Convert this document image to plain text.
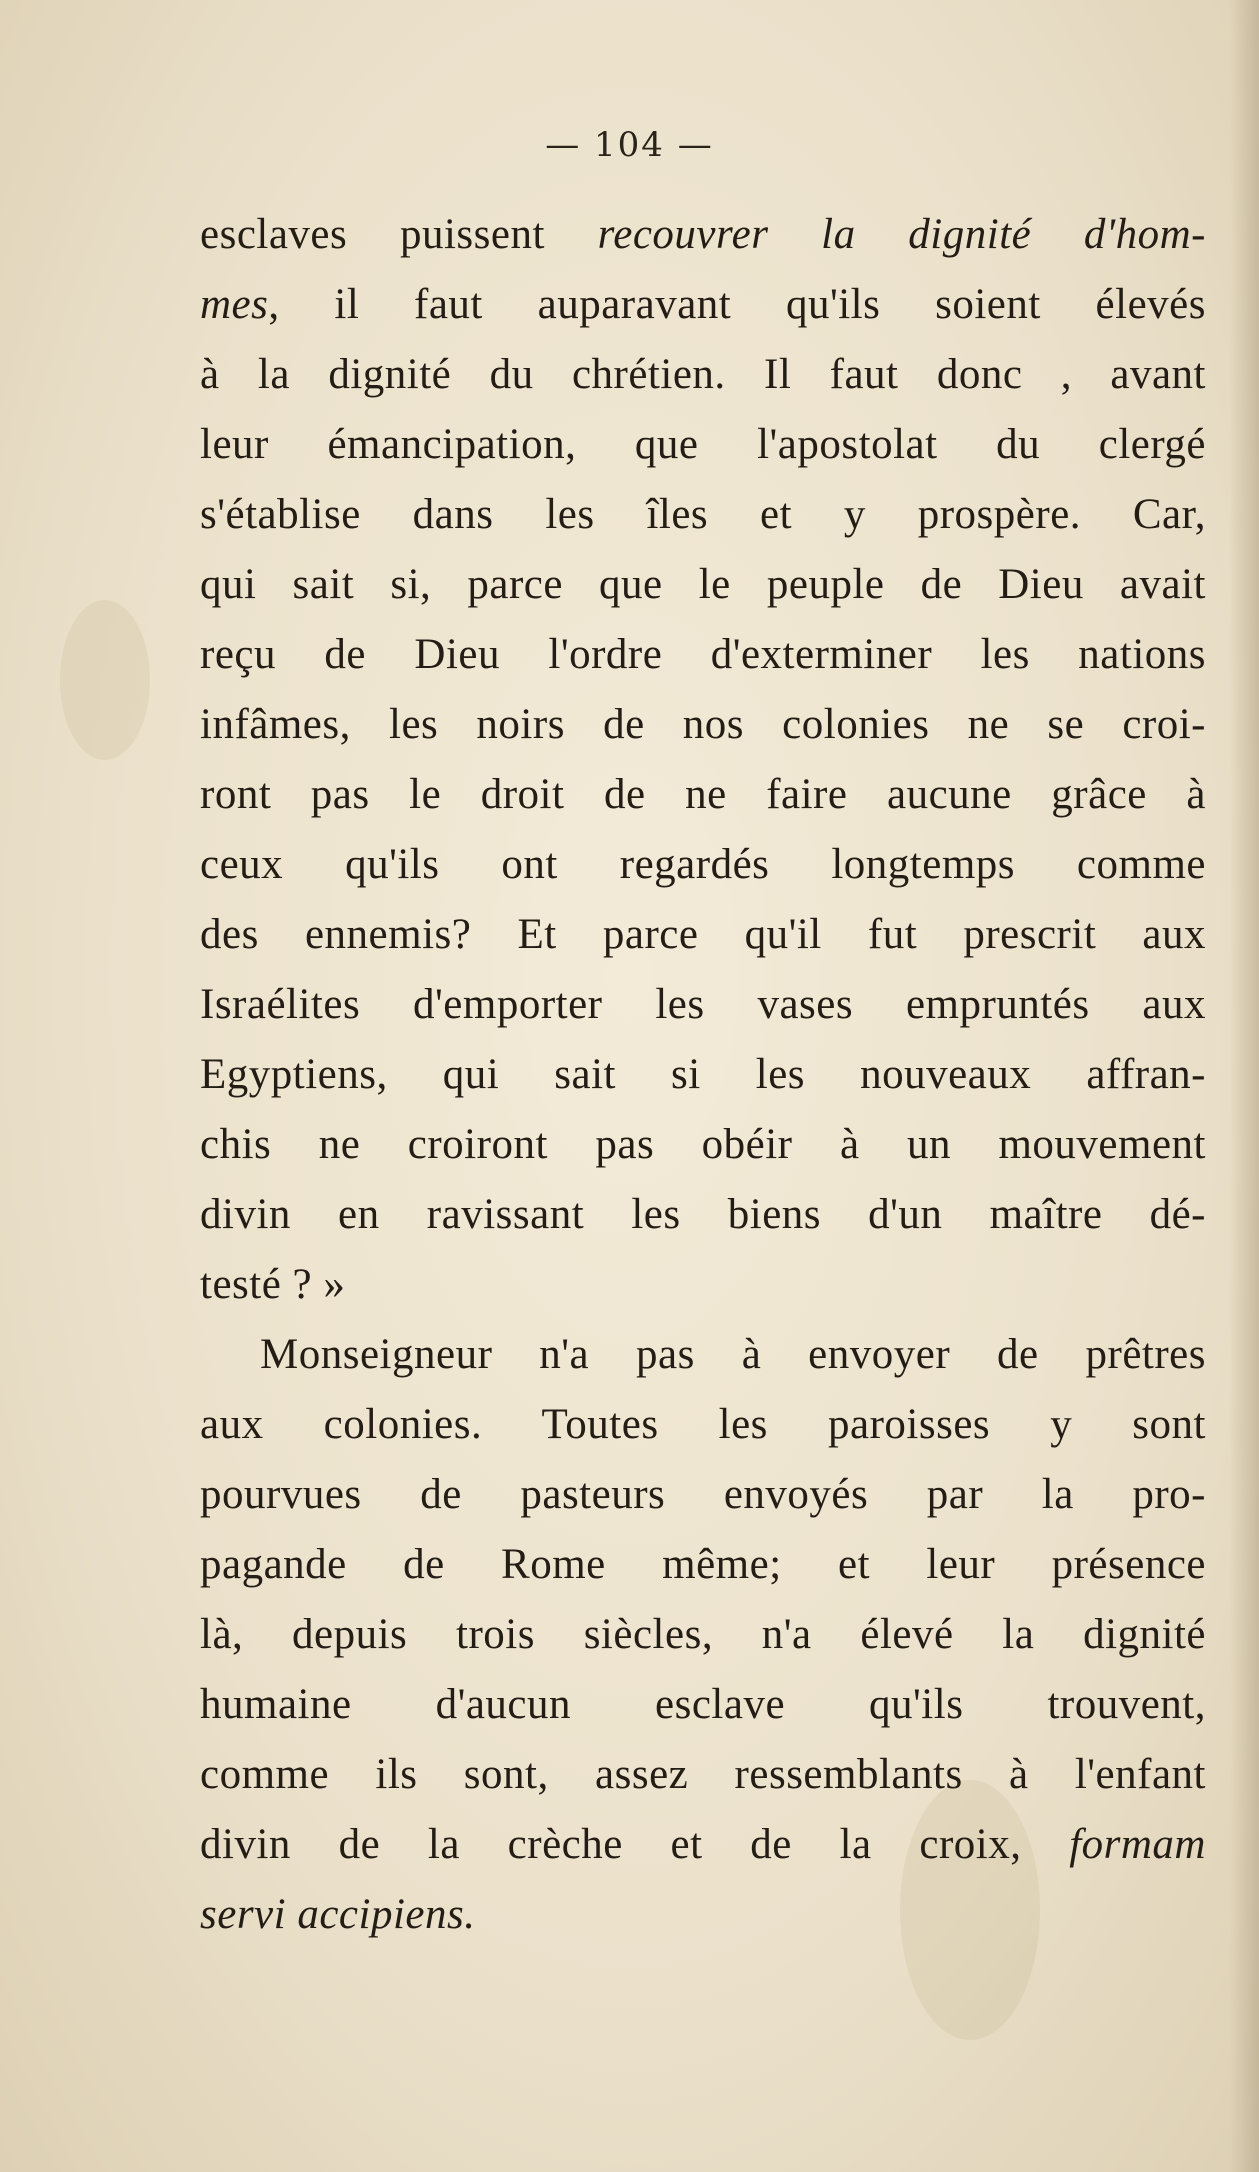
— 104 —
esclaves puissent recouvrer la dignité d'hom-
mes, il faut auparavant qu'ils soient élevés
à la dignité du chrétien. Il faut donc , avant
leur émancipation, que l'apostolat du clergé
s'établise dans les îles et y prospère. Car,
qui sait si, parce que le peuple de Dieu avait
reçu de Dieu l'ordre d'exterminer les nations
infâmes, les noirs de nos colonies ne se croi-
ront pas le droit de ne faire aucune grâce à
ceux qu'ils ont regardés longtemps comme
des ennemis? Et parce qu'il fut prescrit aux
Israélites d'emporter les vases empruntés aux
Egyptiens, qui sait si les nouveaux affran-
chis ne croiront pas obéir à un mouvement
divin en ravissant les biens d'un maître dé-
testé ? »
Monseigneur n'a pas à envoyer de prêtres
aux colonies. Toutes les paroisses y sont
pourvues de pasteurs envoyés par la pro-
pagande de Rome même; et leur présence
là, depuis trois siècles, n'a élevé la dignité
humaine d'aucun esclave qu'ils trouvent,
comme ils sont, assez ressemblants à l'enfant
divin de la crèche et de la croix, formam
servi accipiens.
